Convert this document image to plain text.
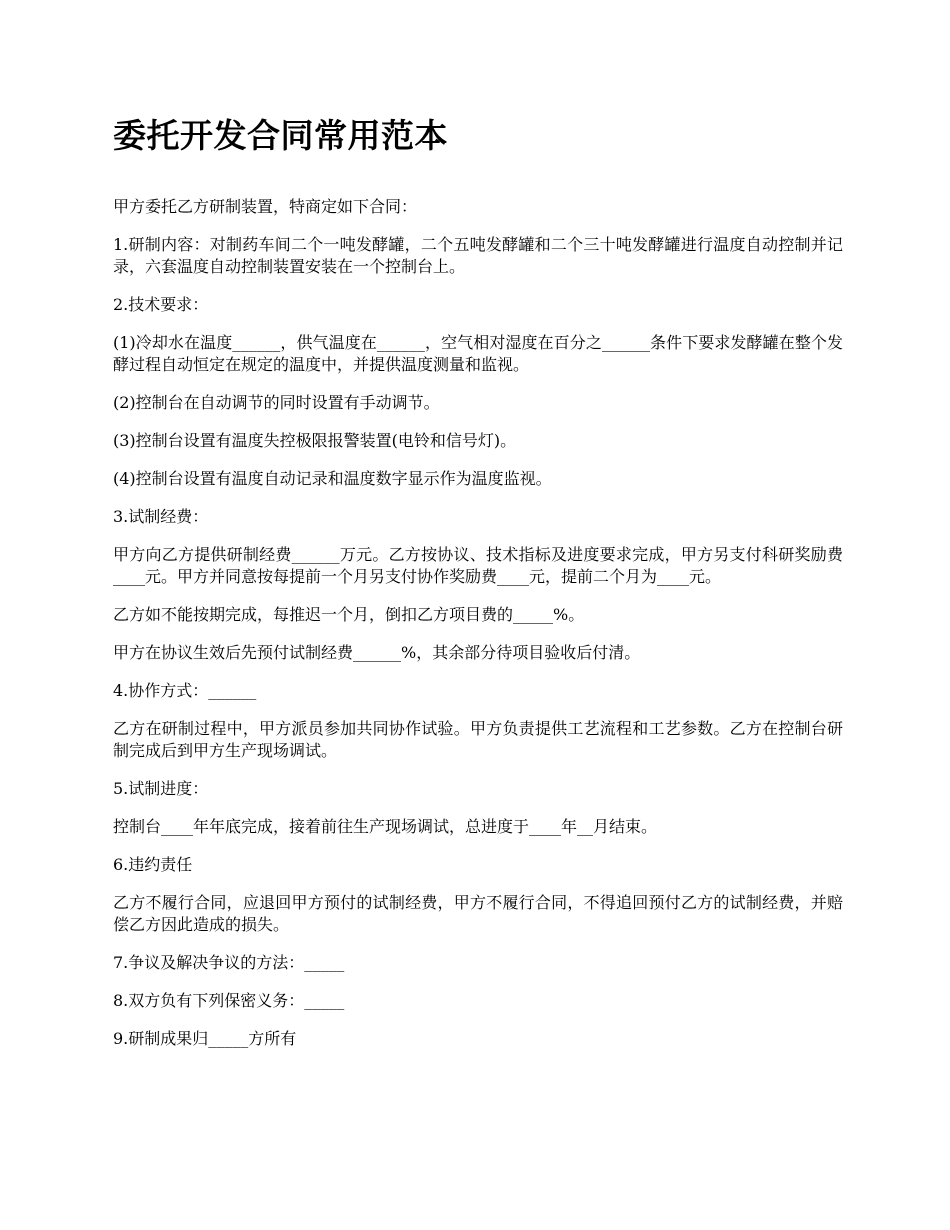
委托开发合同常用范本

甲方委托乙方研制装置，特商定如下合同：

1.研制内容：对制药车间二个一吨发酵罐，二个五吨发酵罐和二个三十吨发酵罐进行温度自动控制并记录，六套温度自动控制装置安装在一个控制台上。

2.技术要求：

(1)冷却水在温度______，供气温度在______，空气相对湿度在百分之______条件下要求发酵罐在整个发酵过程自动恒定在规定的温度中，并提供温度测量和监视。

(2)控制台在自动调节的同时设置有手动调节。

(3)控制台设置有温度失控极限报警装置(电铃和信号灯)。

(4)控制台设置有温度自动记录和温度数字显示作为温度监视。

3.试制经费：

甲方向乙方提供研制经费______万元。乙方按协议、技术指标及进度要求完成，甲方另支付科研奖励费____元。甲方并同意按每提前一个月另支付协作奖励费____元，提前二个月为____元。

乙方如不能按期完成，每推迟一个月，倒扣乙方项目费的_____%。

甲方在协议生效后先预付试制经费______%，其余部分待项目验收后付清。

4.协作方式：______

乙方在研制过程中，甲方派员参加共同协作试验。甲方负责提供工艺流程和工艺参数。乙方在控制台研制完成后到甲方生产现场调试。

5.试制进度：

控制台____年年底完成，接着前往生产现场调试，总进度于____年__月结束。

6.违约责任

乙方不履行合同，应退回甲方预付的试制经费，甲方不履行合同，不得追回预付乙方的试制经费，并赔偿乙方因此造成的损失。

7.争议及解决争议的方法：_____

8.双方负有下列保密义务：_____

9.研制成果归_____方所有
